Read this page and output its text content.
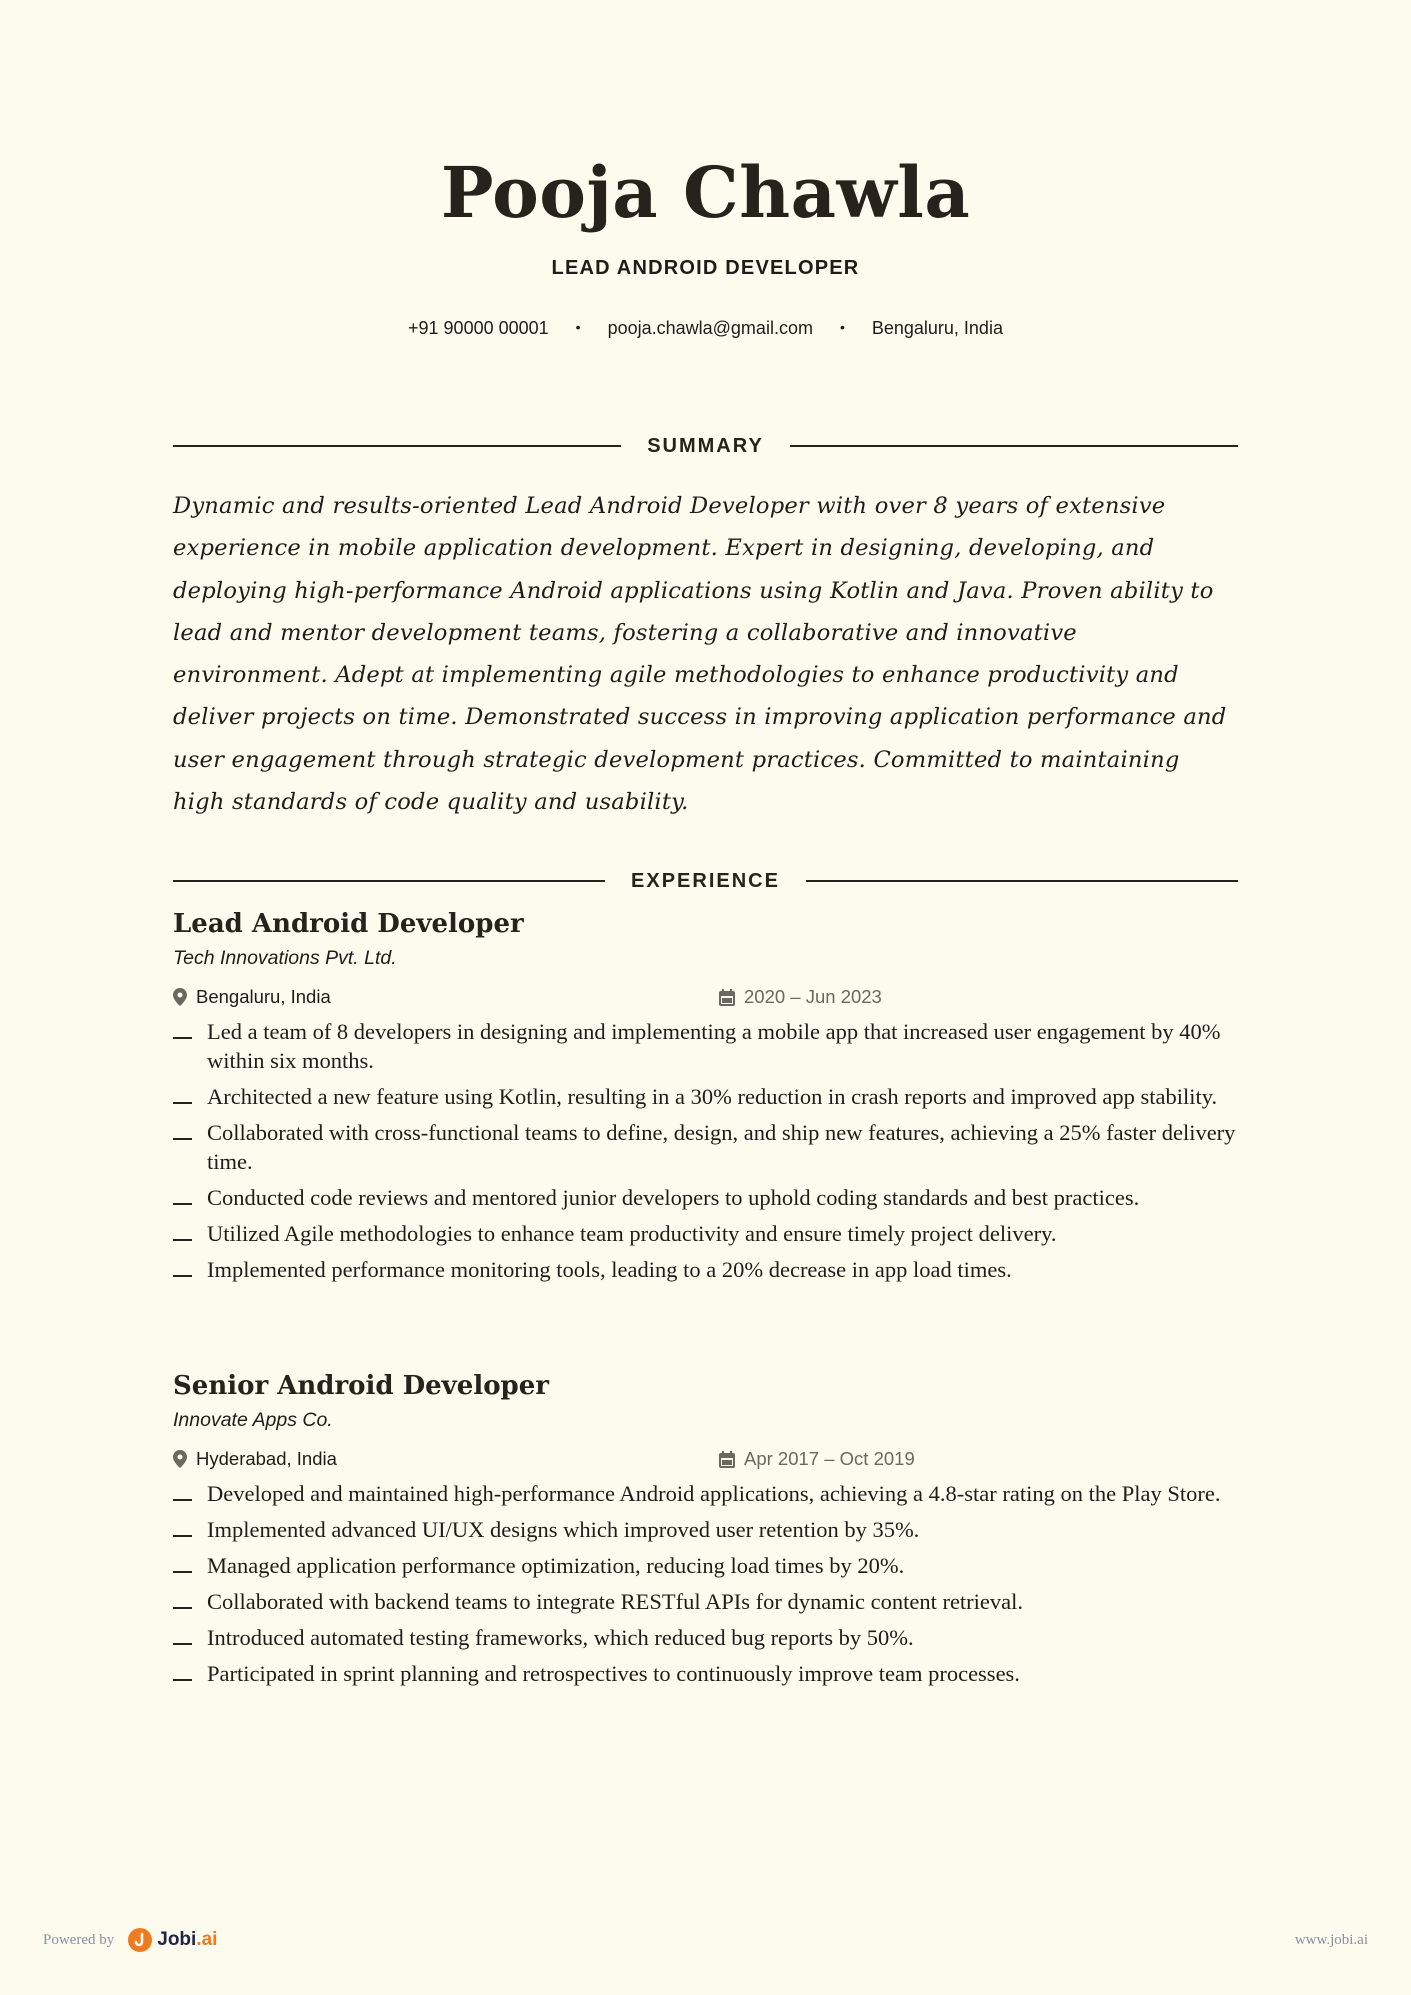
Pooja Chawla
LEAD ANDROID DEVELOPER
+91 90000 00001 • pooja.chawla@gmail.com • Bengaluru, India
SUMMARY

Dynamic and results-oriented Lead Android Developer with over 8 years of extensive experience in mobile application development. Expert in designing, developing, and deploying high-performance Android applications using Kotlin and Java. Proven ability to lead and mentor development teams, fostering a collaborative and innovative environment. Adept at implementing agile methodologies to enhance productivity and deliver projects on time. Demonstrated success in improving application performance and user engagement through strategic development practices. Committed to maintaining high standards of code quality and usability.

EXPERIENCE
Lead Android Developer
Tech Innovations Pvt. Ltd.
Bengaluru, India	2020 – Jun 2023
Led a team of 8 developers in designing and implementing a mobile app that increased user engagement by 40% within six months.
Architected a new feature using Kotlin, resulting in a 30% reduction in crash reports and improved app stability.
Collaborated with cross-functional teams to define, design, and ship new features, achieving a 25% faster delivery time.
Conducted code reviews and mentored junior developers to uphold coding standards and best practices.
Utilized Agile methodologies to enhance team productivity and ensure timely project delivery.
Implemented performance monitoring tools, leading to a 20% decrease in app load times.
Senior Android Developer
Innovate Apps Co.
Hyderabad, India	Apr 2017 – Oct 2019
Developed and maintained high-performance Android applications, achieving a 4.8-star rating on the Play Store.
Implemented advanced UI/UX designs which improved user retention by 35%.
Managed application performance optimization, reducing load times by 20%.
Collaborated with backend teams to integrate RESTful APIs for dynamic content retrieval.
Introduced automated testing frameworks, which reduced bug reports by 50%.
Participated in sprint planning and retrospectives to continuously improve team processes.
Powered by Jobi.ai	www.jobi.ai
